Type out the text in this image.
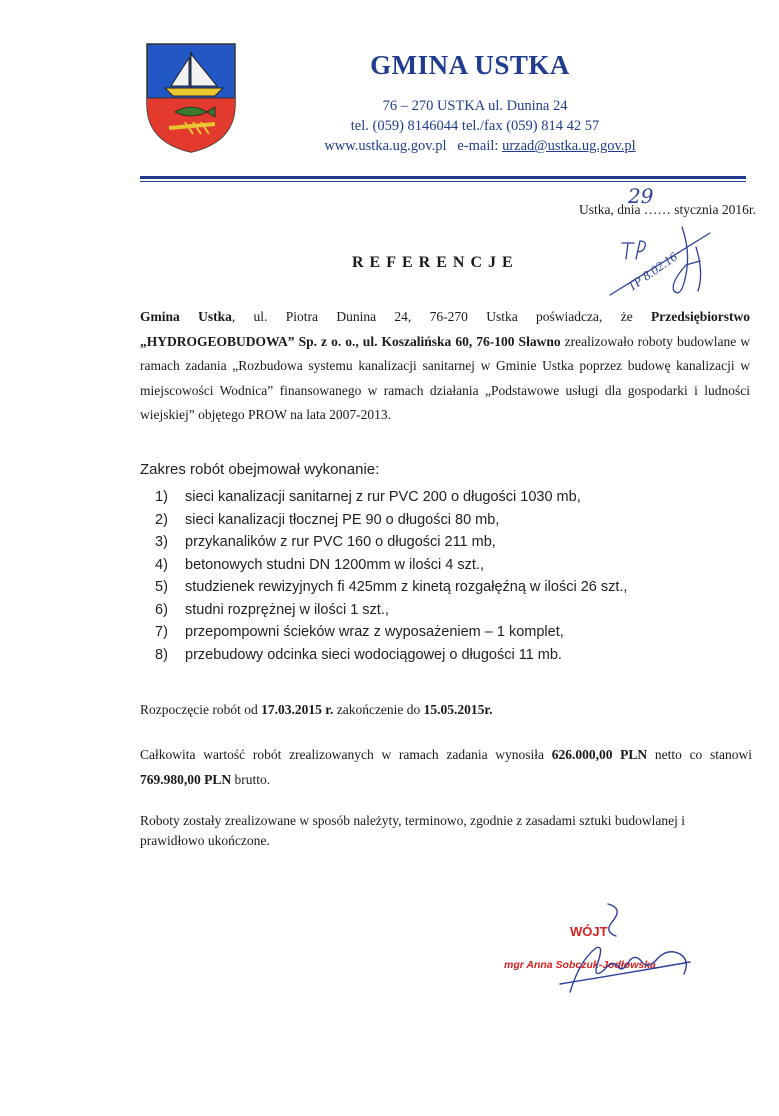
GMINA USTKA
76 – 270 USTKA ul. Dunina 24
tel. (059) 8146044 tel./fax (059) 814 42 57
www.ustka.ug.gov.pl e-mail: urzad@ustka.ug.gov.pl
29
Ustka, dnia …… stycznia 2016r.
REFERENCJE	TP 8.02.16
Gmina Ustka, ul. Piotra Dunina 24, 76-270 Ustka poświadcza, że Przedsiębiorstwo „HYDROGEOBUDOWA” Sp. z o. o., ul. Koszalińska 60, 76-100 Sławno zrealizowało roboty budowlane w ramach zadania „Rozbudowa systemu kanalizacji sanitarnej w Gminie Ustka poprzez budowę kanalizacji w miejscowości Wodnica” finansowanego w ramach działania „Podstawowe usługi dla gospodarki i ludności wiejskiej” objętego PROW na lata 2007-2013.
Zakres robót obejmował wykonanie:
1) sieci kanalizacji sanitarnej z rur PVC 200 o długości 1030 mb,
2) sieci kanalizacji tłocznej PE 90 o długości 80 mb,
3) przykanalików z rur PVC 160 o długości 211 mb,
4) betonowych studni DN 1200mm w ilości 4 szt.,
5) studzienek rewizyjnych fi 425mm z kinetą rozgałęźną w ilości 26 szt.,
6) studni rozprężnej w ilości 1 szt.,
7) przepompowni ścieków wraz z wyposażeniem – 1 komplet,
8) przebudowy odcinka sieci wodociągowej o długości 11 mb.
Rozpoczęcie robót od 17.03.2015 r. zakończenie do 15.05.2015r.
Całkowita wartość robót zrealizowanych w ramach zadania wynosiła 626.000,00 PLN netto co stanowi 769.980,00 PLN brutto.
Roboty zostały zrealizowane w sposób należyty, terminowo, zgodnie z zasadami sztuki budowlanej i prawidłowo ukończone.
WÓJT
mgr Anna Sobczuk-Jodłowska
